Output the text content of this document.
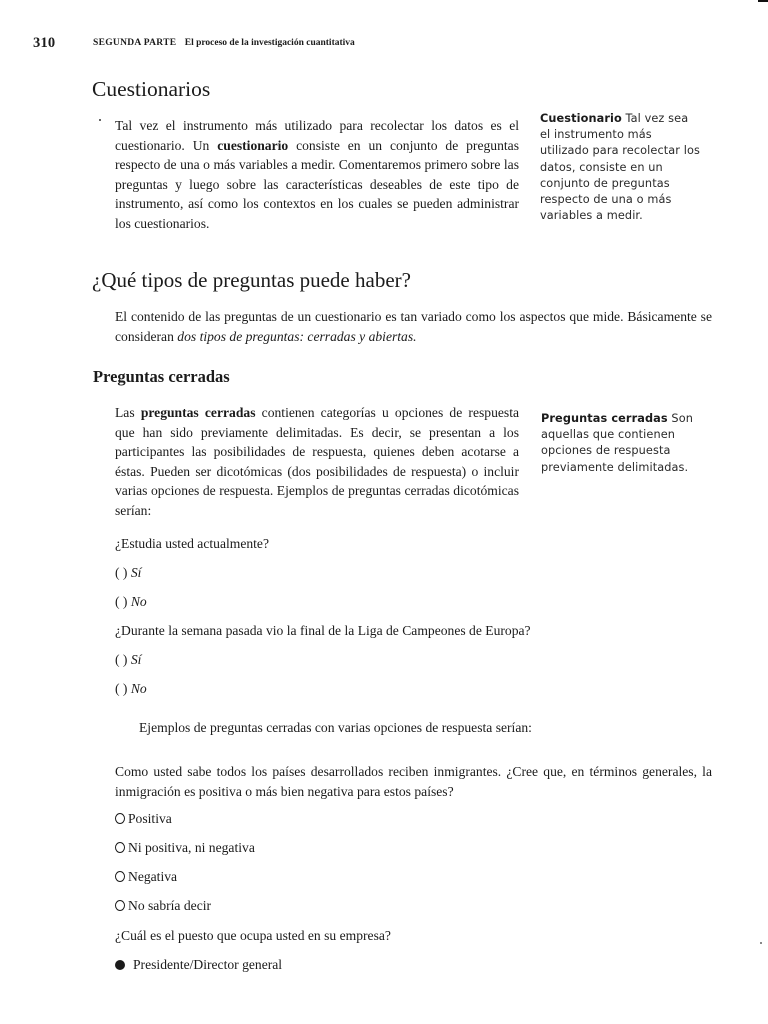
310	SEGUNDA PARTE El proceso de la investigación cuantitativa
Cuestionarios
Tal vez el instrumento más utilizado para recolectar los datos es el cuestionario. Un cuestionario consiste en un conjunto de preguntas respecto de una o más variables a medir. Comentaremos primero sobre las preguntas y luego sobre las características deseables de este tipo de instrumento, así como los contextos en los cuales se pueden administrar los cuestionarios.
Cuestionario Tal vez sea el instrumento más utilizado para recolectar los datos, consiste en un conjunto de preguntas respecto de una o más variables a medir.
¿Qué tipos de preguntas puede haber?
El contenido de las preguntas de un cuestionario es tan variado como los aspectos que mide. Básicamente se consideran dos tipos de preguntas: cerradas y abiertas.
Preguntas cerradas
Las preguntas cerradas contienen categorías u opciones de respuesta que han sido previamente delimitadas. Es decir, se presentan a los participantes las posibilidades de respuesta, quienes deben acotarse a éstas. Pueden ser dicotómicas (dos posibilidades de respuesta) o incluir varias opciones de respuesta. Ejemplos de preguntas cerradas dicotómicas serían:
Preguntas cerradas Son aquellas que contienen opciones de respuesta previamente delimitadas.
¿Estudia usted actualmente?
( ) Sí
( ) No
¿Durante la semana pasada vio la final de la Liga de Campeones de Europa?
( ) Sí
( ) No
Ejemplos de preguntas cerradas con varias opciones de respuesta serían:
Como usted sabe todos los países desarrollados reciben inmigrantes. ¿Cree que, en términos generales, la inmigración es positiva o más bien negativa para estos países?
Positiva
Ni positiva, ni negativa
Negativa
No sabría decir
¿Cuál es el puesto que ocupa usted en su empresa?
Presidente/Director general
